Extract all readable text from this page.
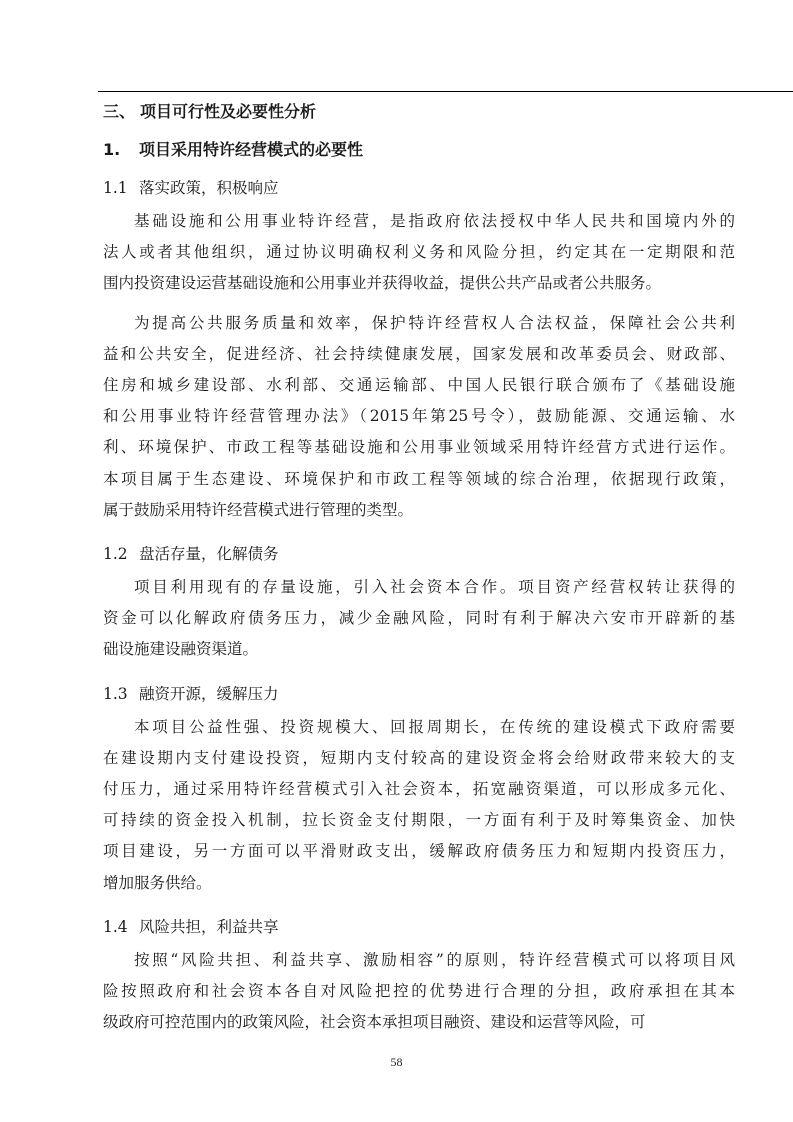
三、 项目可行性及必要性分析
1. 项目采用特许经营模式的必要性
1.1 落实政策，积极响应
基础设施和公用事业特许经营，是指政府依法授权中华人民共和国境内外的
法人或者其他组织，通过协议明确权利义务和风险分担，约定其在一定期限和范
围内投资建设运营基础设施和公用事业并获得收益，提供公共产品或者公共服务。
为提高公共服务质量和效率，保护特许经营权人合法权益，保障社会公共利
益和公共安全，促进经济、社会持续健康发展，国家发展和改革委员会、财政部、
住房和城乡建设部、水利部、交通运输部、中国人民银行联合颁布了《基础设施
和公用事业特许经营管理办法》（2015年第25号令），鼓励能源、交通运输、水
利、环境保护、市政工程等基础设施和公用事业领域采用特许经营方式进行运作。
本项目属于生态建设、环境保护和市政工程等领域的综合治理，依据现行政策，
属于鼓励采用特许经营模式进行管理的类型。
1.2 盘活存量，化解债务
项目利用现有的存量设施，引入社会资本合作。项目资产经营权转让获得的
资金可以化解政府债务压力，减少金融风险，同时有利于解决六安市开辟新的基
础设施建设融资渠道。
1.3 融资开源，缓解压力
本项目公益性强、投资规模大、回报周期长，在传统的建设模式下政府需要
在建设期内支付建设投资，短期内支付较高的建设资金将会给财政带来较大的支
付压力，通过采用特许经营模式引入社会资本，拓宽融资渠道，可以形成多元化、
可持续的资金投入机制，拉长资金支付期限，一方面有利于及时筹集资金、加快
项目建设，另一方面可以平滑财政支出，缓解政府债务压力和短期内投资压力，
增加服务供给。
1.4 风险共担，利益共享
按照“风险共担、利益共享、激励相容”的原则，特许经营模式可以将项目风
险按照政府和社会资本各自对风险把控的优势进行合理的分担，政府承担在其本
级政府可控范围内的政策风险，社会资本承担项目融资、建设和运营等风险，可
58
